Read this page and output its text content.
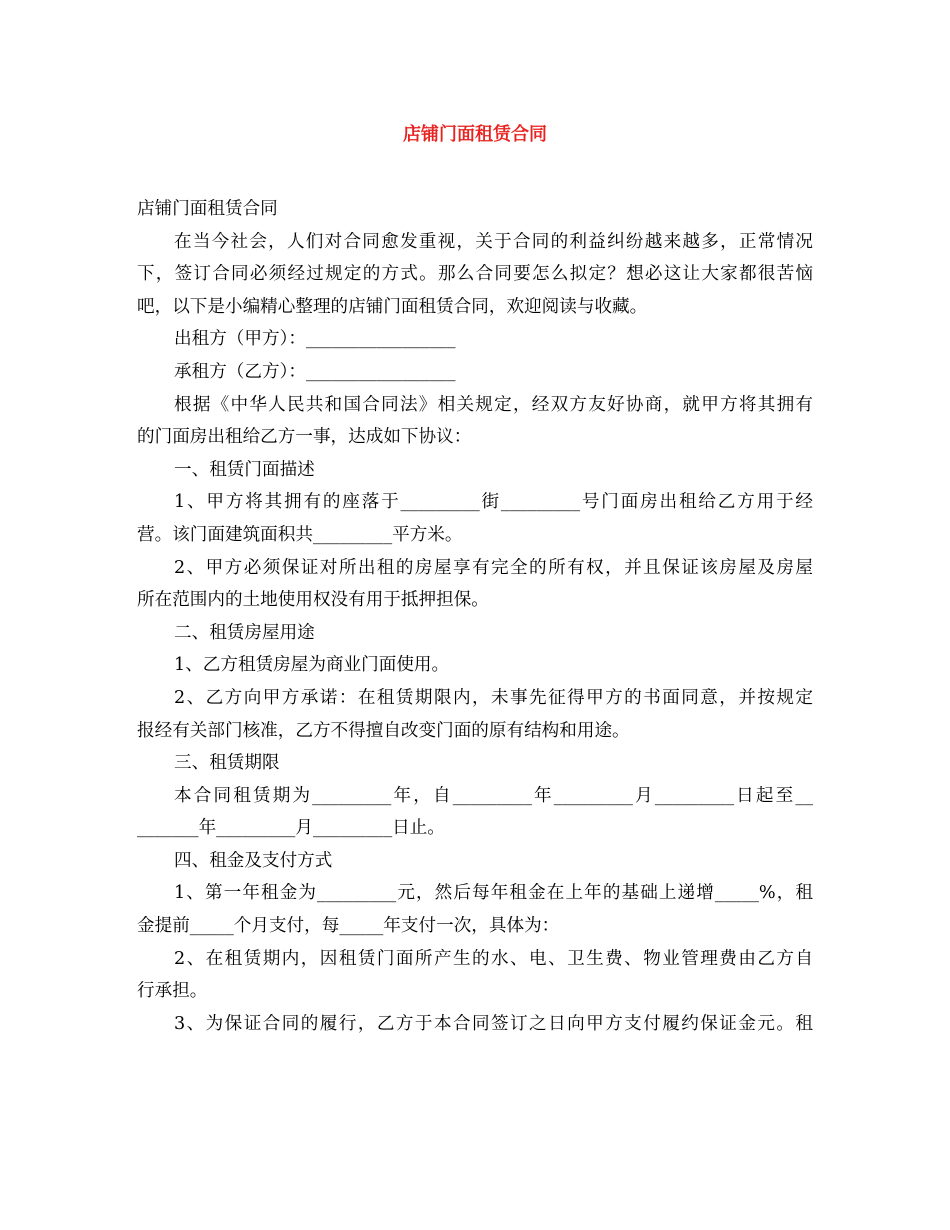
店铺门面租赁合同
店铺门面租赁合同
在当今社会，人们对合同愈发重视，关于合同的利益纠纷越来越多，正常情况
下，签订合同必须经过规定的方式。那么合同要怎么拟定？想必这让大家都很苦恼
吧，以下是小编精心整理的店铺门面租赁合同，欢迎阅读与收藏。
出租方（甲方）：_________________
承租方（乙方）：_________________
根据《中华人民共和国合同法》相关规定，经双方友好协商，就甲方将其拥有
的门面房出租给乙方一事，达成如下协议：
一、租赁门面描述
1、甲方将其拥有的座落于_________街_________号门面房出租给乙方用于经
营。该门面建筑面积共_________平方米。
2、甲方必须保证对所出租的房屋享有完全的所有权，并且保证该房屋及房屋
所在范围内的土地使用权没有用于抵押担保。
二、租赁房屋用途
1、乙方租赁房屋为商业门面使用。
2、乙方向甲方承诺：在租赁期限内，未事先征得甲方的书面同意，并按规定
报经有关部门核准，乙方不得擅自改变门面的原有结构和用途。
三、租赁期限
本合同租赁期为_________年，自_________年_________月_________日起至__
_______年_________月_________日止。
四、租金及支付方式
1、第一年租金为_________元，然后每年租金在上年的基础上递增_____%，租
金提前_____个月支付，每_____年支付一次，具体为：
2、在租赁期内，因租赁门面所产生的水、电、卫生费、物业管理费由乙方自
行承担。
3、为保证合同的履行，乙方于本合同签订之日向甲方支付履约保证金元。租
